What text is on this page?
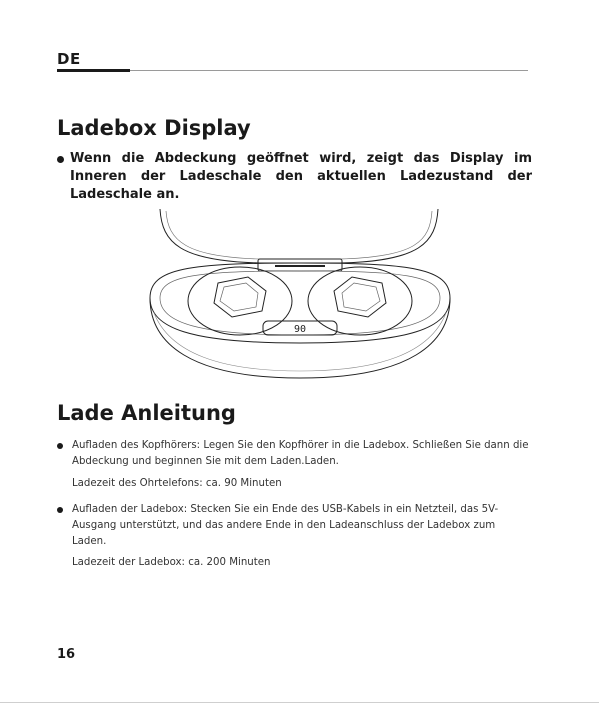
DE
Ladebox Display
Wenn die Abdeckung geöffnet wird, zeigt das Display im Inneren der Ladeschale den aktuellen Ladezustand der Ladeschale an.
90
Lade Anleitung
Aufladen des Kopfhörers: Legen Sie den Kopfhörer in die Ladebox. Schließen Sie dann die Abdeckung und beginnen Sie mit dem Laden.Laden.
Ladezeit des Ohrtelefons: ca. 90 Minuten
Aufladen der Ladebox: Stecken Sie ein Ende des USB-Kabels in ein Netzteil, das 5V-Ausgang unterstützt, und das andere Ende in den Ladeanschluss der Ladebox zum Laden.
Ladezeit der Ladebox: ca. 200 Minuten
16
